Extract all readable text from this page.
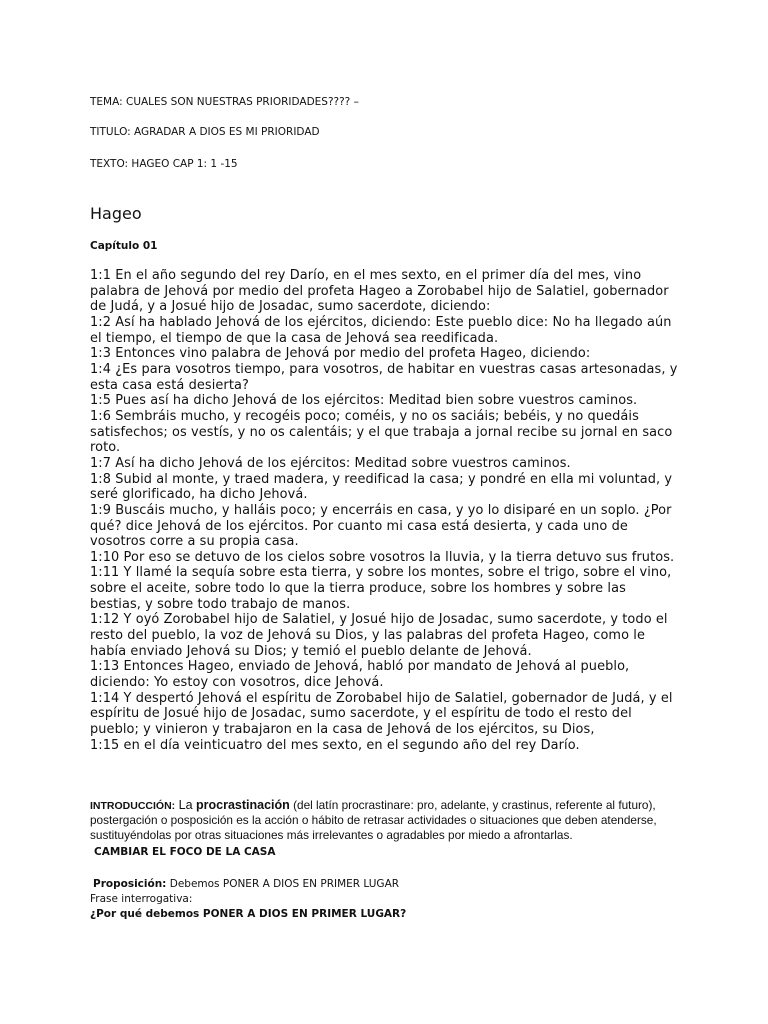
TEMA: CUALES SON NUESTRAS PRIORIDADES???? –
TITULO: AGRADAR A DIOS ES MI PRIORIDAD
TEXTO: HAGEO CAP 1: 1 -15
Hageo
Capítulo 01
1:1 En el año segundo del rey Darío, en el mes sexto, en el primer día del mes, vino palabra de Jehová por medio del profeta Hageo a Zorobabel hijo de Salatiel, gobernador de Judá, y a Josué hijo de Josadac, sumo sacerdote, diciendo:
1:2 Así ha hablado Jehová de los ejércitos, diciendo: Este pueblo dice: No ha llegado aún el tiempo, el tiempo de que la casa de Jehová sea reedificada.
1:3 Entonces vino palabra de Jehová por medio del profeta Hageo, diciendo:
1:4 ¿Es para vosotros tiempo, para vosotros, de habitar en vuestras casas artesonadas, y esta casa está desierta?
1:5 Pues así ha dicho Jehová de los ejércitos: Meditad bien sobre vuestros caminos.
1:6 Sembráis mucho, y recogéis poco; coméis, y no os saciáis; bebéis, y no quedáis satisfechos; os vestís, y no os calentáis; y el que trabaja a jornal recibe su jornal en saco roto.
1:7 Así ha dicho Jehová de los ejércitos: Meditad sobre vuestros caminos.
1:8 Subid al monte, y traed madera, y reedificad la casa; y pondré en ella mi voluntad, y seré glorificado, ha dicho Jehová.
1:9 Buscáis mucho, y halláis poco; y encerráis en casa, y yo lo disiparé en un soplo. ¿Por qué? dice Jehová de los ejércitos. Por cuanto mi casa está desierta, y cada uno de vosotros corre a su propia casa.
1:10 Por eso se detuvo de los cielos sobre vosotros la lluvia, y la tierra detuvo sus frutos.
1:11 Y llamé la sequía sobre esta tierra, y sobre los montes, sobre el trigo, sobre el vino, sobre el aceite, sobre todo lo que la tierra produce, sobre los hombres y sobre las bestias, y sobre todo trabajo de manos.
1:12 Y oyó Zorobabel hijo de Salatiel, y Josué hijo de Josadac, sumo sacerdote, y todo el resto del pueblo, la voz de Jehová su Dios, y las palabras del profeta Hageo, como le había enviado Jehová su Dios; y temió el pueblo delante de Jehová.
1:13 Entonces Hageo, enviado de Jehová, habló por mandato de Jehová al pueblo, diciendo: Yo estoy con vosotros, dice Jehová.
1:14 Y despertó Jehová el espíritu de Zorobabel hijo de Salatiel, gobernador de Judá, y el espíritu de Josué hijo de Josadac, sumo sacerdote, y el espíritu de todo el resto del pueblo; y vinieron y trabajaron en la casa de Jehová de los ejércitos, su Dios,
1:15 en el día veinticuatro del mes sexto, en el segundo año del rey Darío.
INTRODUCCIÓN: La procrastinación (del latín procrastinare: pro, adelante, y crastinus, referente al futuro), postergación o posposición es la acción o hábito de retrasar actividades o situaciones que deben atenderse, sustituyéndolas por otras situaciones más irrelevantes o agradables por miedo a afrontarlas.
CAMBIAR EL FOCO DE LA CASA
Proposición: Debemos PONER A DIOS EN PRIMER LUGAR
Frase interrogativa:
¿Por qué debemos PONER A DIOS EN PRIMER LUGAR?
